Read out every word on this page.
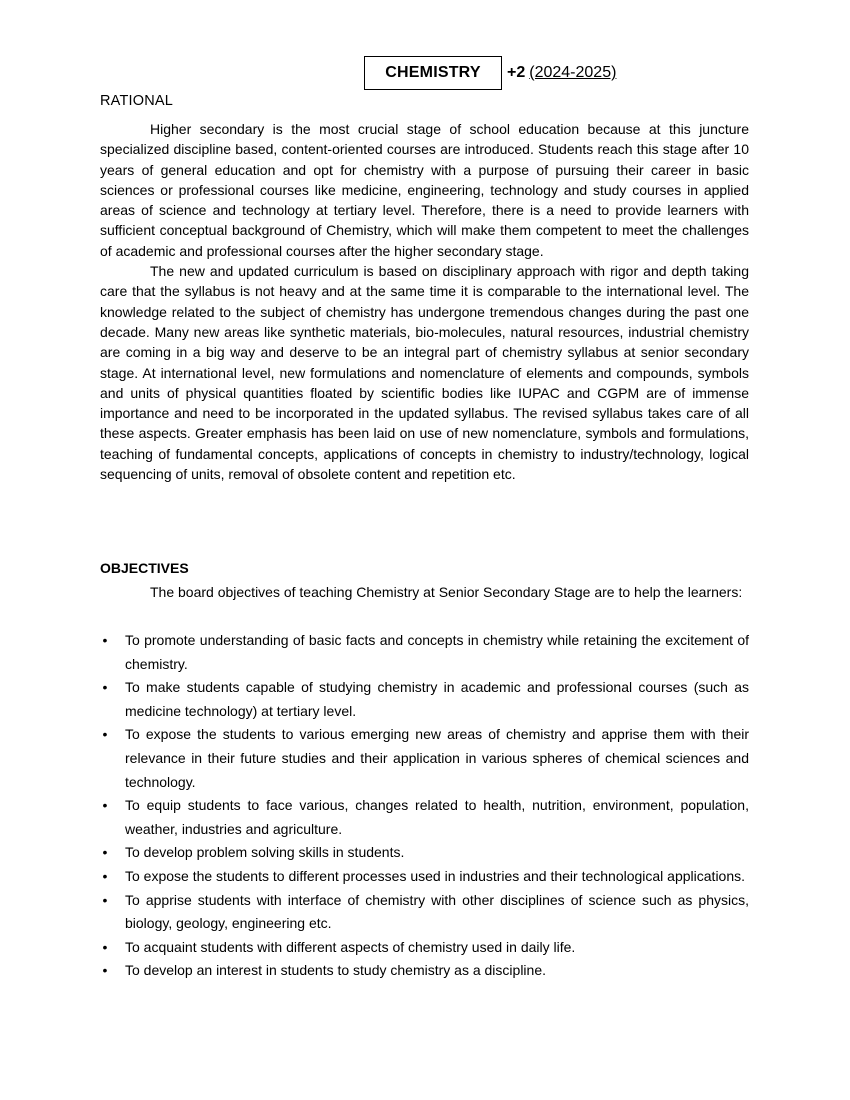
CHEMISTRY	+2 (2024-2025)
RATIONAL

Higher secondary is the most crucial stage of school education because at this juncture specialized discipline based, content-oriented courses are introduced. Students reach this stage after 10 years of general education and opt for chemistry with a purpose of pursuing their career in basic sciences or professional courses like medicine, engineering, technology and study courses in applied areas of science and technology at tertiary level. Therefore, there is a need to provide learners with sufficient conceptual background of Chemistry, which will make them competent to meet the challenges of academic and professional courses after the higher secondary stage.

The new and updated curriculum is based on disciplinary approach with rigor and depth taking care that the syllabus is not heavy and at the same time it is comparable to the international level. The knowledge related to the subject of chemistry has undergone tremendous changes during the past one decade. Many new areas like synthetic materials, bio-molecules, natural resources, industrial chemistry are coming in a big way and deserve to be an integral part of chemistry syllabus at senior secondary stage. At international level, new formulations and nomenclature of elements and compounds, symbols and units of physical quantities floated by scientific bodies like IUPAC and CGPM are of immense importance and need to be incorporated in the updated syllabus. The revised syllabus takes care of all these aspects. Greater emphasis has been laid on use of new nomenclature, symbols and formulations, teaching of fundamental concepts, applications of concepts in chemistry to industry/technology, logical sequencing of units, removal of obsolete content and repetition etc.

OBJECTIVES

The board objectives of teaching Chemistry at Senior Secondary Stage are to help the learners:

• To promote understanding of basic facts and concepts in chemistry while retaining the excitement of chemistry.
• To make students capable of studying chemistry in academic and professional courses (such as medicine technology) at tertiary level.
• To expose the students to various emerging new areas of chemistry and apprise them with their relevance in their future studies and their application in various spheres of chemical sciences and technology.
• To equip students to face various, changes related to health, nutrition, environment, population, weather, industries and agriculture.
• To develop problem solving skills in students.
• To expose the students to different processes used in industries and their technological applications.
• To apprise students with interface of chemistry with other disciplines of science such as physics, biology, geology, engineering etc.
• To acquaint students with different aspects of chemistry used in daily life.
• To develop an interest in students to study chemistry as a discipline.
